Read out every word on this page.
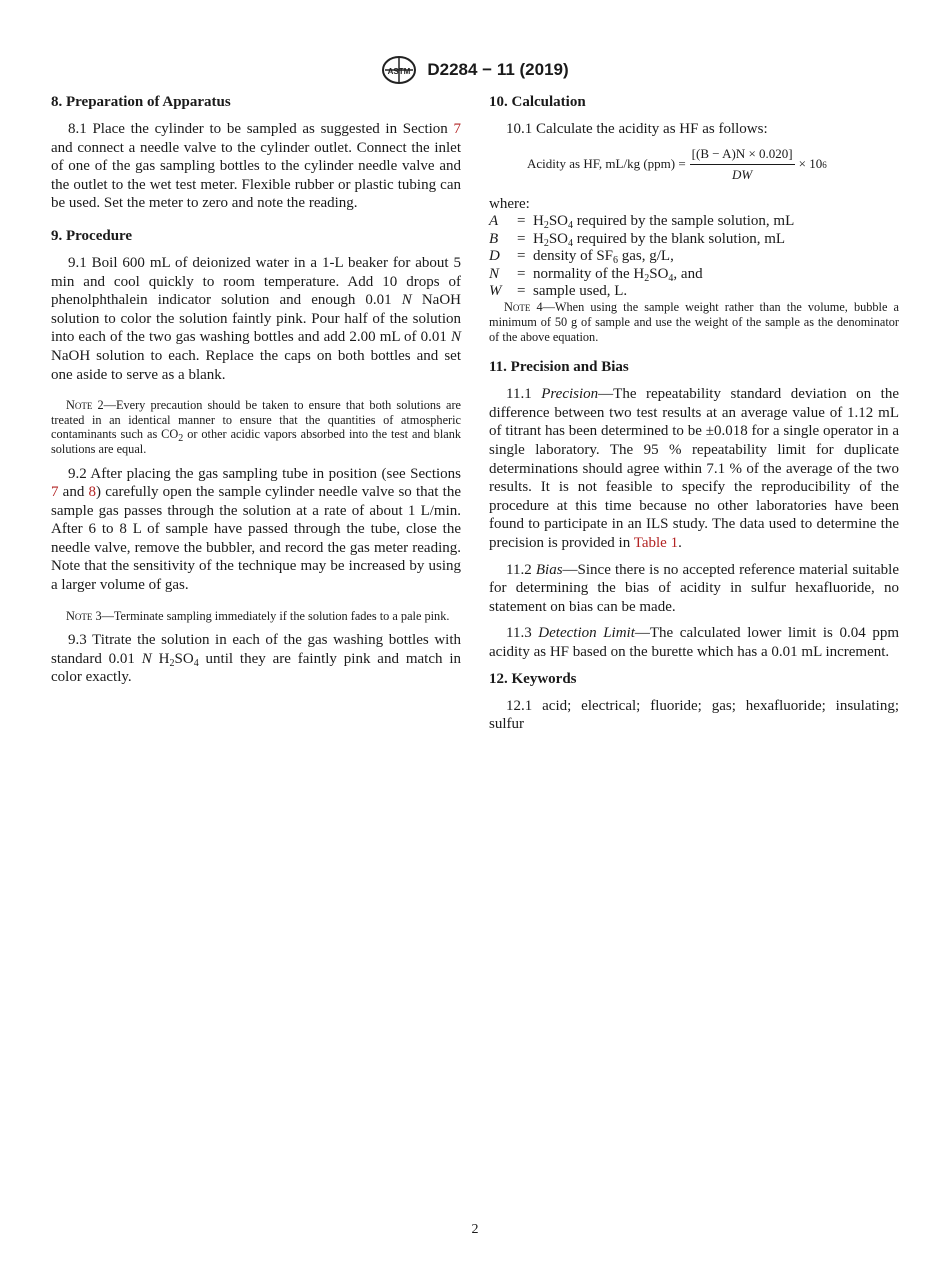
ASTM D2284 − 11 (2019)
8. Preparation of Apparatus

8.1 Place the cylinder to be sampled as suggested in Section 7 and connect a needle valve to the cylinder outlet. Connect the inlet of one of the gas sampling bottles to the cylinder needle valve and the outlet to the wet test meter. Flexible rubber or plastic tubing can be used. Set the meter to zero and note the reading.

9. Procedure

9.1 Boil 600 mL of deionized water in a 1-L beaker for about 5 min and cool quickly to room temperature. Add 10 drops of phenolphthalein indicator solution and enough 0.01 N NaOH solution to color the solution faintly pink. Pour half of the solution into each of the two gas washing bottles and add 2.00 mL of 0.01 N NaOH solution to each. Replace the caps on both bottles and set one aside to serve as a blank.

Note 2—Every precaution should be taken to ensure that both solutions are treated in an identical manner to ensure that the quantities of atmospheric contaminants such as $CO_2$ or other acidic vapors absorbed into the test and blank solutions are equal.

9.2 After placing the gas sampling tube in position (see Sections 7 and 8) carefully open the sample cylinder needle valve so that the sample gas passes through the solution at a rate of about 1 L/min. After 6 to 8 L of sample have passed through the tube, close the needle valve, remove the bubbler, and record the gas meter reading. Note that the sensitivity of the technique may be increased by using a larger volume of gas.

Note 3—Terminate sampling immediately if the solution fades to a pale pink.

9.3 Titrate the solution in each of the gas washing bottles with standard 0.01 N $H_2SO_4$ until they are faintly pink and match in color exactly.

10. Calculation

10.1 Calculate the acidity as HF as follows:

Acidity as HF, mL/kg $(ppm) = \frac{[(B - A)N \times 0.020]}{DW} \times 10$ 6

where:

A	= $H_2SO_4$ required by the sample solution, mL
B	= $H_2SO_4$ required by the blank solution, mL
D	= density of $SF_6$ gas, g/L,
N	= normality of the $H_2SO_4$, and
W	= sample used, L.

Note 4—When using the sample weight rather than the volume, bubble a minimum of 50 g of sample and use the weight of the sample as the denominator of the above equation.

11. Precision and Bias

11.1 Precision—The repeatability standard deviation on the difference between two test results at an average value of 1.12 mL of titrant has been determined to be ±0.018 for a single operator in a single laboratory. The 95 % repeatability limit for duplicate determinations should agree within 7.1 % of the average of the two results. It is not feasible to specify the reproducibility of the procedure at this time because no other laboratories have been found to participate in an ILS study. The data used to determine the precision is provided in Table 1.

11.2 Bias—Since there is no accepted reference material suitable for determining the bias of acidity in sulfur hexafluoride, no statement on bias can be made.

11.3 Detection Limit—The calculated lower limit is 0.04 ppm acidity as HF based on the burette which has a 0.01 mL increment.

12. Keywords

12.1 acid; electrical; fluoride; gas; hexafluoride; insulating; sulfur

2
